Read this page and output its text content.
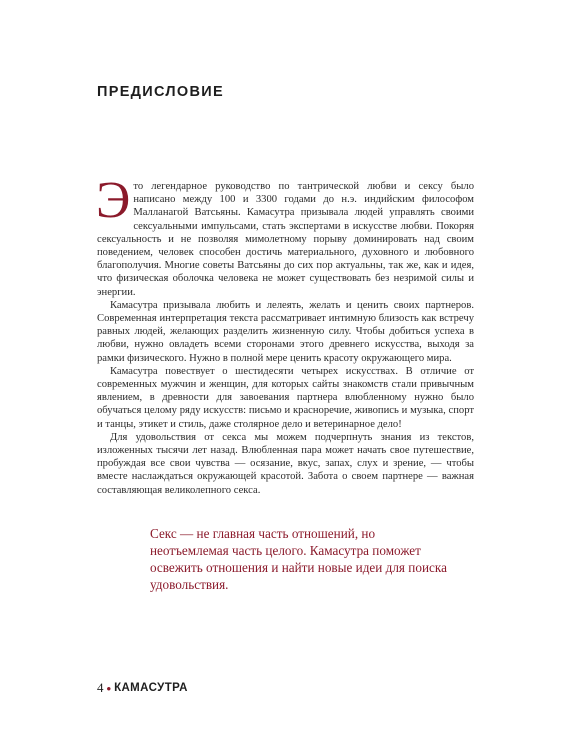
ПРЕДИСЛОВИЕ

Это легендарное руководство по тантрической любви и сексу было написано между 100 и 3300 годами до н.э. индийским философом Малланагой Ватсьяны. Камасутра призывала людей управлять своими сексуальными импульсами, стать экспертами в искусстве любви. Покоряя сексуальность и не позволяя мимолетному порыву доминировать над своим поведением, человек способен достичь материального, духовного и любовного благополучия. Многие советы Ватсьяны до сих пор актуальны, так же, как и идея, что физическая оболочка человека не может существовать без незримой силы и энергии.

Камасутра призывала любить и лелеять, желать и ценить своих партнеров. Современная интерпретация текста рассматривает интимную близость как встречу равных людей, желающих разделить жизненную силу. Чтобы добиться успеха в любви, нужно овладеть всеми сторонами этого древнего искусства, выходя за рамки физического. Нужно в полной мере ценить красоту окружающего мира.

Камасутра повествует о шестидесяти четырех искусствах. В отличие от современных мужчин и женщин, для которых сайты знакомств стали привычным явлением, в древности для завоевания партнера влюбленному нужно было обучаться целому ряду искусств: письмо и красноречие, живопись и музыка, спорт и танцы, этикет и стиль, даже столярное дело и ветеринарное дело!

Для удовольствия от секса мы можем подчерпнуть знания из текстов, изложенных тысячи лет назад. Влюбленная пара может начать свое путешествие, пробуждая все свои чувства — осязание, вкус, запах, слух и зрение, — чтобы вместе наслаждаться окружающей красотой. Забота о своем партнере — важная составляющая великолепного секса.

Секс — не главная часть отношений, но неотъемлемая часть целого. Камасутра поможет освежить отношения и найти новые идеи для поиска удовольствия.
4 • КАМАСУТРА
